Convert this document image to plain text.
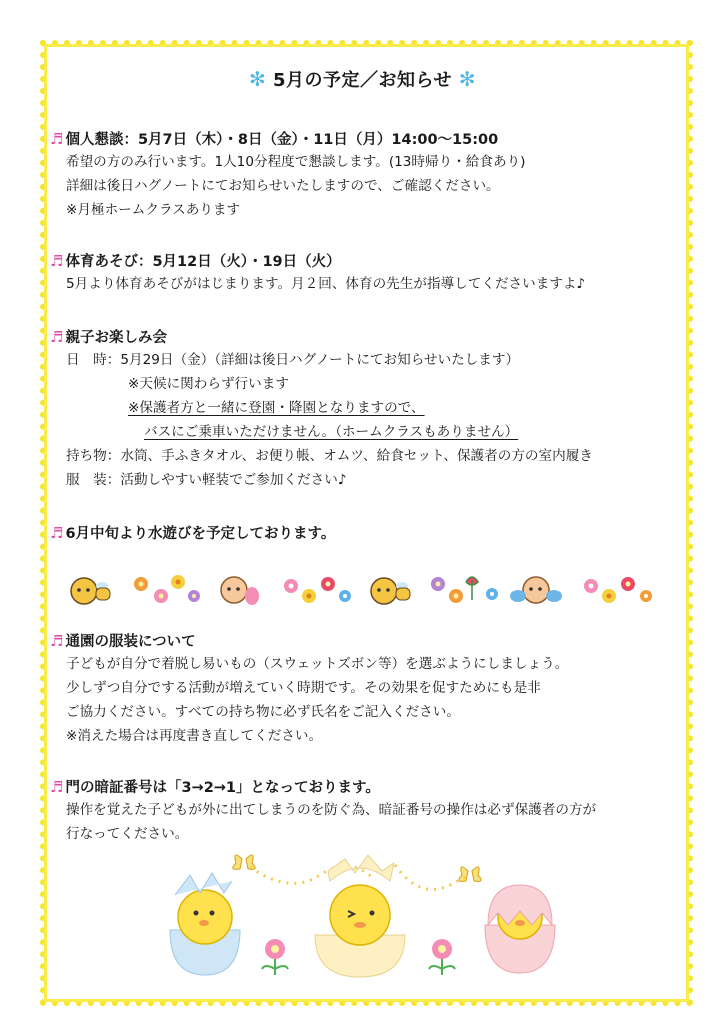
✻ 5月の予定／お知らせ ✻
♬ 個人懇談：5月7日（木）・8日（金）・11日（月）14:00〜15:00
希望の方のみ行います。1人10分程度で懇談します。(13時帰り・給食あり)
詳細は後日ハグノートにてお知らせいたしますので、ご確認ください。
※月極ホームクラスあります
♬ 体育あそび：5月12日（火）・19日（火）
5月より体育あそびがはじまります。月２回、体育の先生が指導してくださいますよ♪
♬ 親子お楽しみ会
日　時：5月29日（金）（詳細は後日ハグノートにてお知らせいたします）
※天候に関わらず行います
※保護者方と一緒に登園・降園となりますので、
バスにご乗車いただけません。（ホームクラスもありません）
持ち物：水筒、手ふきタオル、お便り帳、オムツ、給食セット、保護者の方の室内履き
服　装：活動しやすい軽装でご参加ください♪
♬ 6月中旬より水遊びを予定しております。
♬ 通園の服装について
子どもが自分で着脱し易いもの（スウェットズボン等）を選ぶようにしましょう。
少しずつ自分でする活動が増えていく時期です。その効果を促すためにも是非
ご協力ください。すべての持ち物に必ず氏名をご記入ください。
※消えた場合は再度書き直してください。
♬ 門の暗証番号は「3→2→1」となっております。
操作を覚えた子どもが外に出てしまうのを防ぐ為、暗証番号の操作は必ず保護者の方が
行なってください。
